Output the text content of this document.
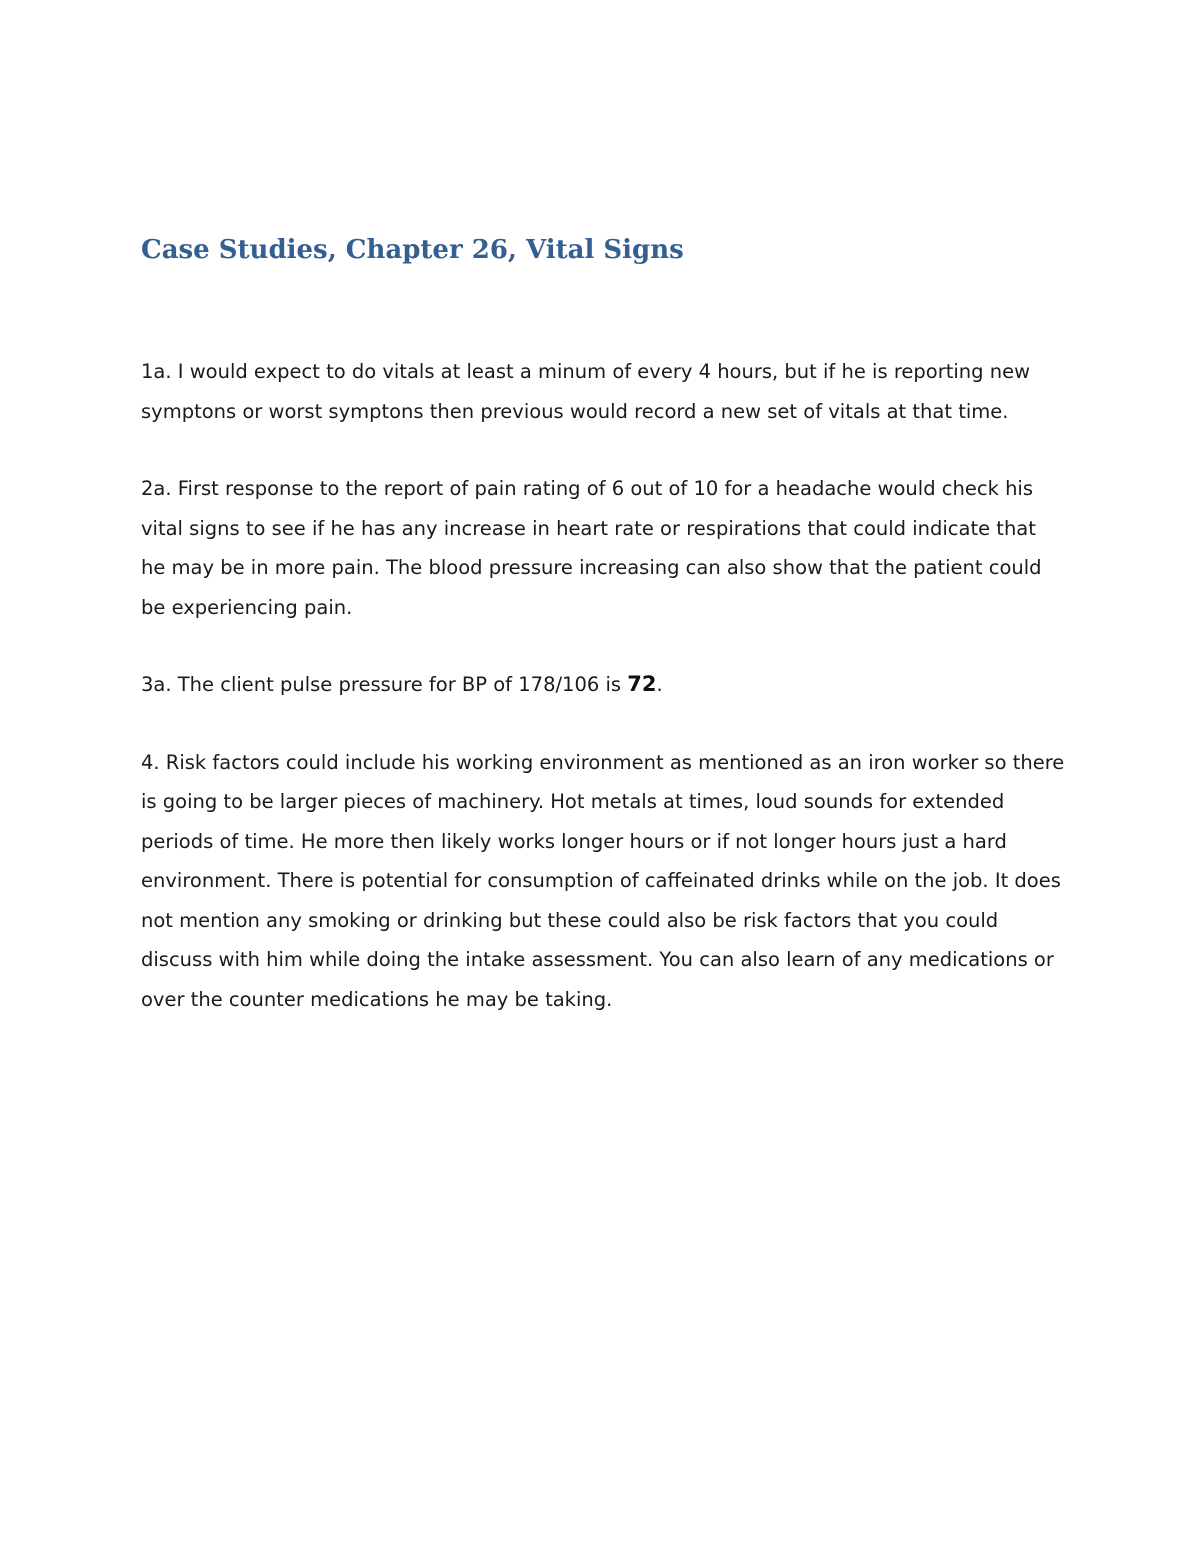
Case Studies, Chapter 26, Vital Signs

1a. I would expect to do vitals at least a minum of every 4 hours, but if he is reporting new symptons or worst symptons then previous would record a new set of vitals at that time.

2a. First response to the report of pain rating of 6 out of 10 for a headache would check his vital signs to see if he has any increase in heart rate or respirations that could indicate that he may be in more pain. The blood pressure increasing can also show that the patient could be experiencing pain.

3a. The client pulse pressure for BP of 178/106 is 72.

4. Risk factors could include his working environment as mentioned as an iron worker so there is going to be larger pieces of machinery. Hot metals at times, loud sounds for extended periods of time. He more then likely works longer hours or if not longer hours just a hard environment. There is potential for consumption of caffeinated drinks while on the job. It does not mention any smoking or drinking but these could also be risk factors that you could discuss with him while doing the intake assessment. You can also learn of any medications or over the counter medications he may be taking.
